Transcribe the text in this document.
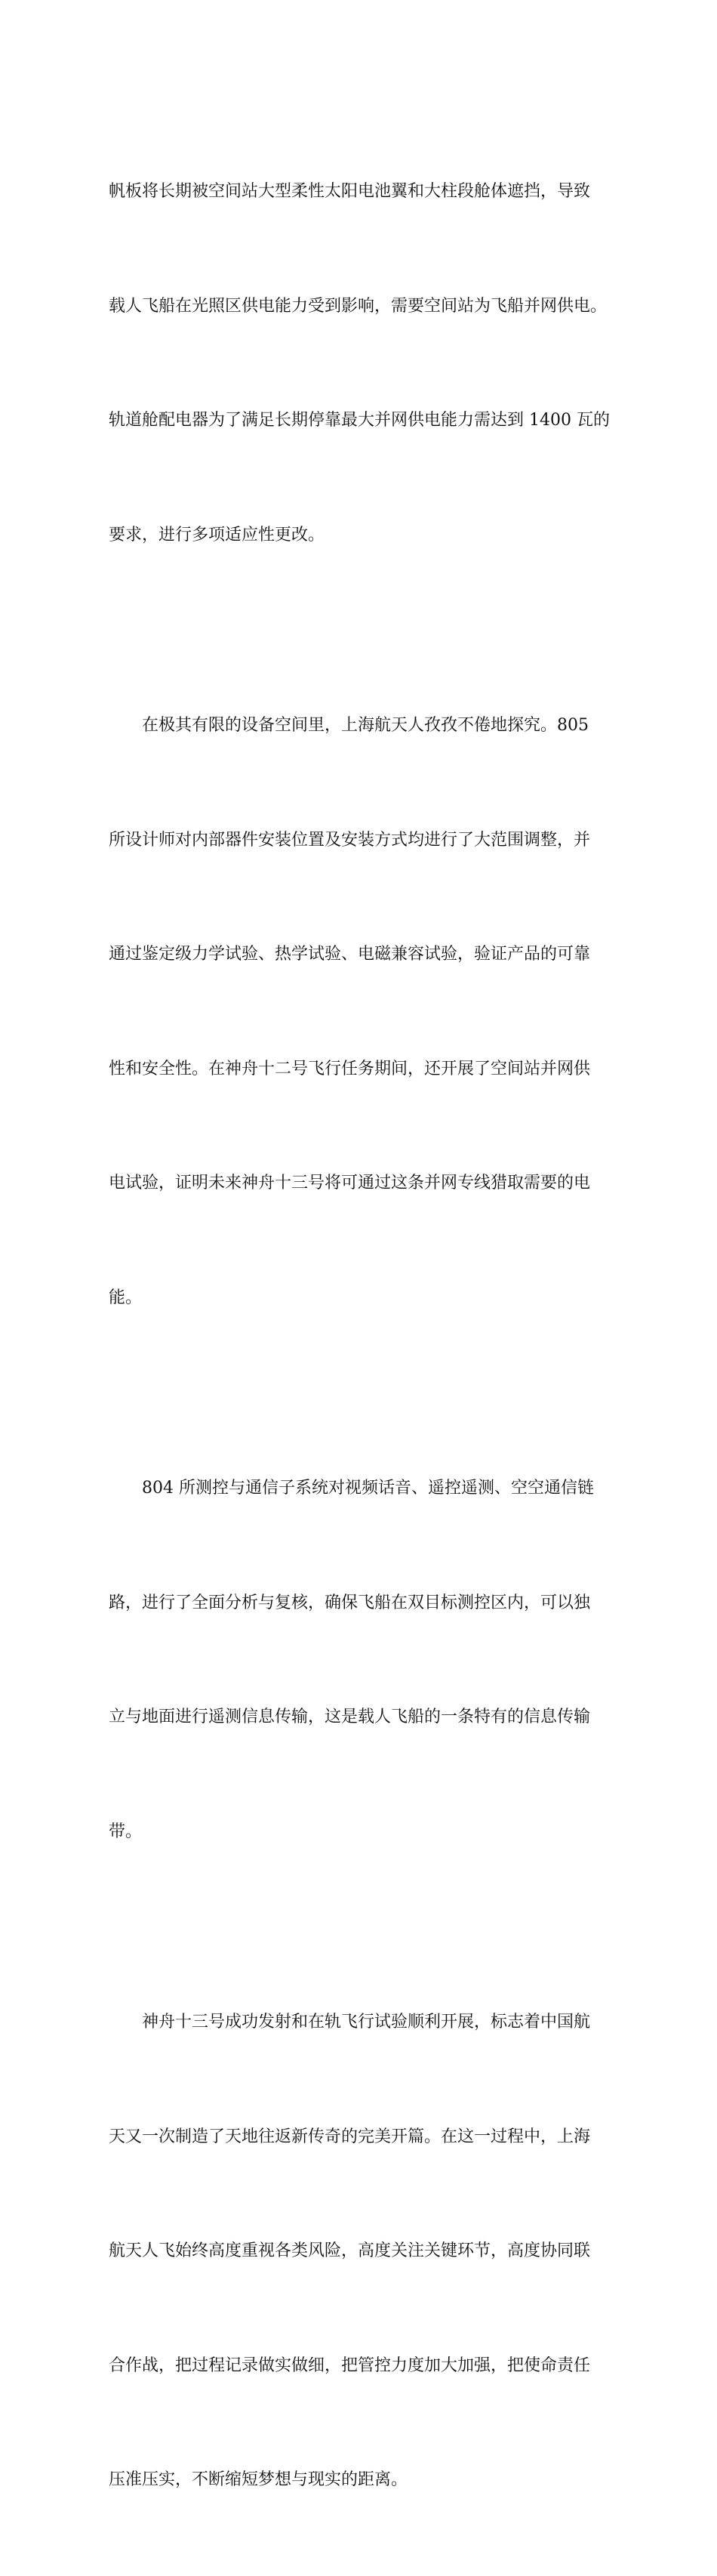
帆板将长期被空间站大型柔性太阳电池翼和大柱段舱体遮挡，导致

载人飞船在光照区供电能力受到影响，需要空间站为飞船并网供电。

轨道舱配电器为了满足长期停靠最大并网供电能力需达到 1400 瓦的

要求，进行多项适应性更改。

在极其有限的设备空间里，上海航天人孜孜不倦地探究。805

所设计师对内部器件安装位置及安装方式均进行了大范围调整，并

通过鉴定级力学试验、热学试验、电磁兼容试验，验证产品的可靠

性和安全性。在神舟十二号飞行任务期间，还开展了空间站并网供

电试验，证明未来神舟十三号将可通过这条并网专线猎取需要的电

能。

804 所测控与通信子系统对视频话音、遥控遥测、空空通信链

路，进行了全面分析与复核，确保飞船在双目标测控区内，可以独

立与地面进行遥测信息传输，这是载人飞船的一条特有的信息传输

带。

神舟十三号成功发射和在轨飞行试验顺利开展，标志着中国航

天又一次制造了天地往返新传奇的完美开篇。在这一过程中，上海

航天人飞始终高度重视各类风险，高度关注关键环节，高度协同联

合作战，把过程记录做实做细，把管控力度加大加强，把使命责任

压准压实，不断缩短梦想与现实的距离。
